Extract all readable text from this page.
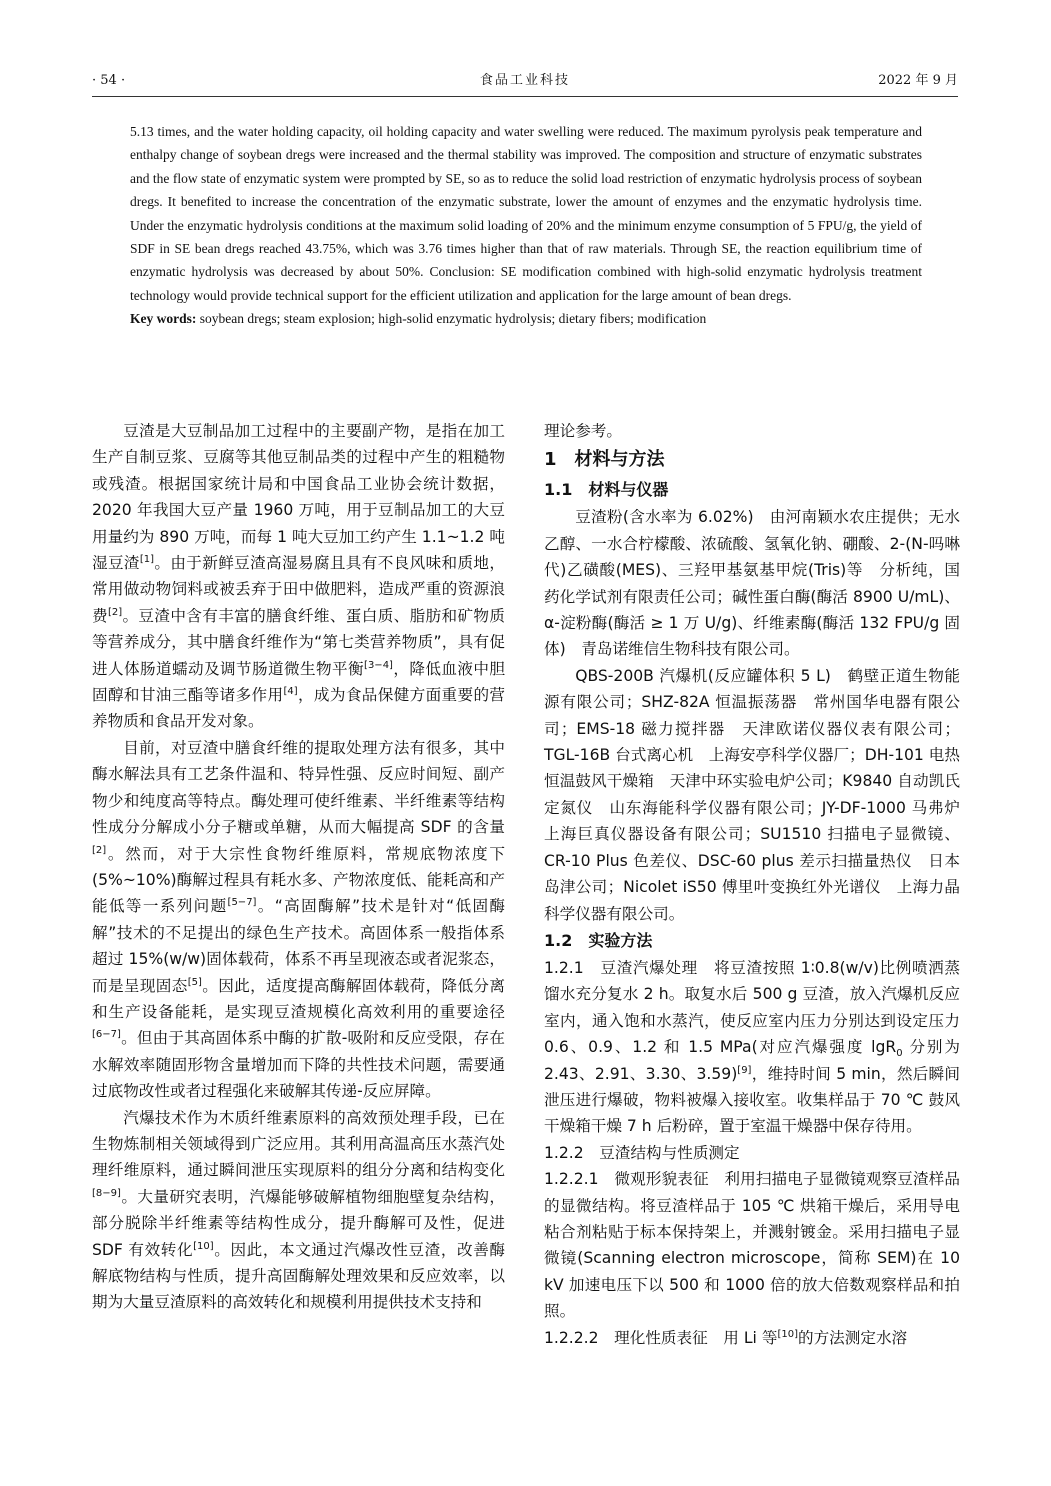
· 54 ·	食品工业科技	2022 年 9 月

5.13 times, and the water holding capacity, oil holding capacity and water swelling were reduced. The maximum pyrolysis peak temperature and enthalpy change of soybean dregs were increased and the thermal stability was improved. The composition and structure of enzymatic substrates and the flow state of enzymatic system were prompted by SE, so as to reduce the solid load restriction of enzymatic hydrolysis process of soybean dregs. It benefited to increase the concentration of the enzymatic substrate, lower the amount of enzymes and the enzymatic hydrolysis time. Under the enzymatic hydrolysis conditions at the maximum solid loading of 20% and the minimum enzyme consumption of 5 FPU/g, the yield of SDF in SE bean dregs reached 43.75%, which was 3.76 times higher than that of raw materials. Through SE, the reaction equilibrium time of enzymatic hydrolysis was decreased by about 50%. Conclusion: SE modification combined with high-solid enzymatic hydrolysis treatment technology would provide technical support for the efficient utilization and application for the large amount of bean dregs.

Key words: soybean dregs; steam explosion; high-solid enzymatic hydrolysis; dietary fibers; modification

豆渣是大豆制品加工过程中的主要副产物，是指在加工生产自制豆浆、豆腐等其他豆制品类的过程中产生的粗糙物或残渣。根据国家统计局和中国食品工业协会统计数据，2020 年我国大豆产量 1960 万吨，用于豆制品加工的大豆用量约为 890 万吨，而每 1 吨大豆加工约产生 1.1~1.2 吨湿豆渣[1]。由于新鲜豆渣高湿易腐且具有不良风味和质地，常用做动物饲料或被丢弃于田中做肥料，造成严重的资源浪费[2]。豆渣中含有丰富的膳食纤维、蛋白质、脂肪和矿物质等营养成分，其中膳食纤维作为“第七类营养物质”，具有促进人体肠道蠕动及调节肠道微生物平衡[3−4]，降低血液中胆固醇和甘油三酯等诸多作用[4]，成为食品保健方面重要的营养物质和食品开发对象。

目前，对豆渣中膳食纤维的提取处理方法有很多，其中酶水解法具有工艺条件温和、特异性强、反应时间短、副产物少和纯度高等特点。酶处理可使纤维素、半纤维素等结构性成分分解成小分子糖或单糖，从而大幅提高 SDF 的含量[2]。然而，对于大宗性食物纤维原料，常规底物浓度下(5%~10%)酶解过程具有耗水多、产物浓度低、能耗高和产能低等一系列问题[5−7]。“高固酶解”技术是针对“低固酶解”技术的不足提出的绿色生产技术。高固体系一般指体系超过 15%(w/w)固体载荷，体系不再呈现液态或者泥浆态，而是呈现固态[5]。因此，适度提高酶解固体载荷，降低分离和生产设备能耗，是实现豆渣规模化高效利用的重要途径[6−7]。但由于其高固体系中酶的扩散-吸附和反应受限，存在水解效率随固形物含量增加而下降的共性技术问题，需要通过底物改性或者过程强化来破解其传递-反应屏障。

汽爆技术作为木质纤维素原料的高效预处理手段，已在生物炼制相关领域得到广泛应用。其利用高温高压水蒸汽处理纤维原料，通过瞬间泄压实现原料的组分分离和结构变化[8−9]。大量研究表明，汽爆能够破解植物细胞壁复杂结构，部分脱除半纤维素等结构性成分，提升酶解可及性，促进 SDF 有效转化[10]。因此，本文通过汽爆改性豆渣，改善酶解底物结构与性质，提升高固酶解处理效果和反应效率，以期为大量豆渣原料的高效转化和规模利用提供技术支持和

理论参考。

1　材料与方法

1.1　材料与仪器

豆渣粉(含水率为 6.02%)　由河南颖水农庄提供；无水乙醇、一水合柠檬酸、浓硫酸、氢氧化钠、硼酸、2-(N-吗啉代)乙磺酸(MES)、三羟甲基氨基甲烷(Tris)等　分析纯，国药化学试剂有限责任公司；碱性蛋白酶(酶活 8900 U/mL)、α-淀粉酶(酶活 ≥ 1 万 U/g)、纤维素酶(酶活 132 FPU/g 固体)　青岛诺维信生物科技有限公司。

QBS-200B 汽爆机(反应罐体积 5 L)　鹤壁正道生物能源有限公司；SHZ-82A 恒温振荡器　常州国华电器有限公司；EMS-18 磁力搅拌器　天津欧诺仪器仪表有限公司；TGL-16B 台式离心机　上海安亭科学仪器厂；DH-101 电热恒温鼓风干燥箱　天津中环实验电炉公司；K9840 自动凯氏定氮仪　山东海能科学仪器有限公司；JY-DF-1000 马弗炉　上海巨真仪器设备有限公司；SU1510 扫描电子显微镜、CR-10 Plus 色差仪、DSC-60 plus 差示扫描量热仪　日本岛津公司；Nicolet iS50 傅里叶变换红外光谱仪　上海力晶科学仪器有限公司。

1.2　实验方法

1.2.1　豆渣汽爆处理　将豆渣按照 1∶0.8(w/v)比例喷洒蒸馏水充分复水 2 h。取复水后 500 g 豆渣，放入汽爆机反应室内，通入饱和水蒸汽，使反应室内压力分别达到设定压力 0.6、0.9、1.2 和 1.5 MPa(对应汽爆强度 lgR$_0$ 分别为 2.43、2.91、3.30、3.59)[9]，维持时间 5 min，然后瞬间泄压进行爆破，物料被爆入接收室。收集样品于 70 ℃ 鼓风干燥箱干燥 7 h 后粉碎，置于室温干燥器中保存待用。

1.2.2　豆渣结构与性质测定

1.2.2.1　微观形貌表征　利用扫描电子显微镜观察豆渣样品的显微结构。将豆渣样品于 105 ℃ 烘箱干燥后，采用导电粘合剂粘贴于标本保持架上，并溅射镀金。采用扫描电子显微镜(Scanning electron microscope，简称 SEM)在 10 kV 加速电压下以 500 和 1000 倍的放大倍数观察样品和拍照。

1.2.2.2　理化性质表征　用 Li 等[10]的方法测定水溶
